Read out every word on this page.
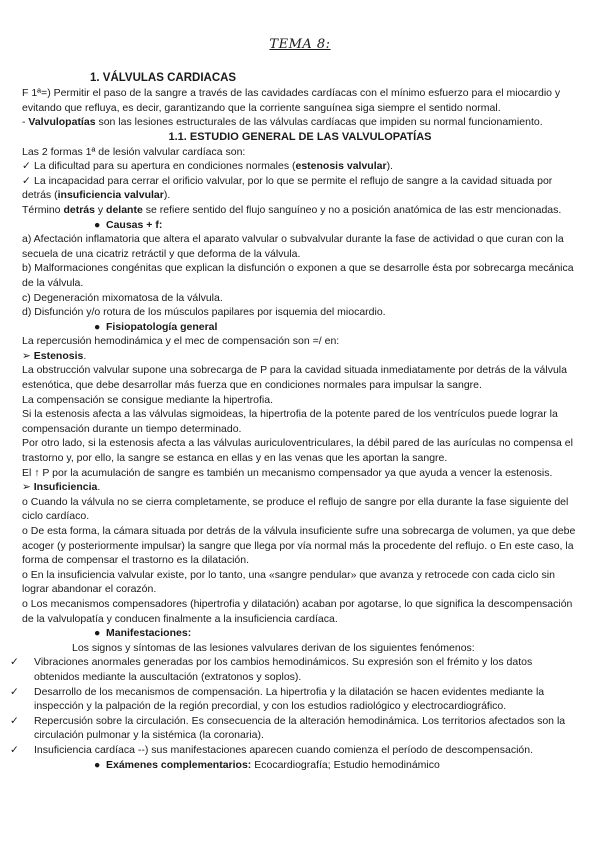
TEMA 8:

1. VÁLVULAS CARDIACAS

F 1ª=) Permitir el paso de la sangre a través de las cavidades cardíacas con el mínimo esfuerzo para el miocardio y evitando que refluya, es decir, garantizando que la corriente sanguínea siga siempre el sentido normal.

- Valvulopatías son las lesiones estructurales de las válvulas cardíacas que impiden su normal funcionamiento.

1.1. ESTUDIO GENERAL DE LAS VALVULOPATÍAS

Las 2 formas 1ª de lesión valvular cardíaca son:

✓ La dificultad para su apertura en condiciones normales (estenosis valvular).

✓ La incapacidad para cerrar el orificio valvular, por lo que se permite el reflujo de sangre a la cavidad situada por detrás (insuficiencia valvular).

Término detrás y delante se refiere sentido del flujo sanguíneo y no a posición anatómica de las estr mencionadas.

● Causas + f:

a) Afectación inflamatoria que altera el aparato valvular o subvalvular durante la fase de actividad o que curan con la secuela de una cicatriz retráctil y que deforma de la válvula.

b) Malformaciones congénitas que explican la disfunción o exponen a que se desarrolle ésta por sobrecarga mecánica de la válvula.

c) Degeneración mixomatosa de la válvula.

d) Disfunción y/o rotura de los músculos papilares por isquemia del miocardio.

● Fisiopatología general

La repercusión hemodinámica y el mec de compensación son =/ en:

➢ Estenosis.

La obstrucción valvular supone una sobrecarga de P para la cavidad situada inmediatamente por detrás de la válvula estenótica, que debe desarrollar más fuerza que en condiciones normales para impulsar la sangre.

La compensación se consigue mediante la hipertrofia.

Si la estenosis afecta a las válvulas sigmoideas, la hipertrofia de la potente pared de los ventrículos puede lograr la compensación durante un tiempo determinado.

Por otro lado, si la estenosis afecta a las válvulas auriculoventriculares, la débil pared de las aurículas no compensa el trastorno y, por ello, la sangre se estanca en ellas y en las venas que les aportan la sangre.

El ↑ P por la acumulación de sangre es también un mecanismo compensador ya que ayuda a vencer la estenosis.

➢ Insuficiencia.

o Cuando la válvula no se cierra completamente, se produce el reflujo de sangre por ella durante la fase siguiente del ciclo cardíaco.

o De esta forma, la cámara situada por detrás de la válvula insuficiente sufre una sobrecarga de volumen, ya que debe acoger (y posteriormente impulsar) la sangre que llega por vía normal más la procedente del reflujo. o En este caso, la forma de compensar el trastorno es la dilatación.

o En la insuficiencia valvular existe, por lo tanto, una «sangre pendular» que avanza y retrocede con cada ciclo sin lograr abandonar el corazón.

o Los mecanismos compensadores (hipertrofia y dilatación) acaban por agotarse, lo que significa la descompensación de la valvulopatía y conducen finalmente a la insuficiencia cardíaca.

● Manifestaciones:

Los signos y síntomas de las lesiones valvulares derivan de los siguientes fenómenos:

✓ Vibraciones anormales generadas por los cambios hemodinámicos. Su expresión son el frémito y los datos obtenidos mediante la auscultación (extratonos y soplos).

✓ Desarrollo de los mecanismos de compensación. La hipertrofia y la dilatación se hacen evidentes mediante la inspección y la palpación de la región precordial, y con los estudios radiológico y electrocardiográfico.

✓ Repercusión sobre la circulación. Es consecuencia de la alteración hemodinámica. Los territorios afectados son la circulación pulmonar y la sistémica (la coronaria).

✓ Insuficiencia cardíaca --) sus manifestaciones aparecen cuando comienza el período de descompensación.

● Exámenes complementarios: Ecocardiografía; Estudio hemodinámico
